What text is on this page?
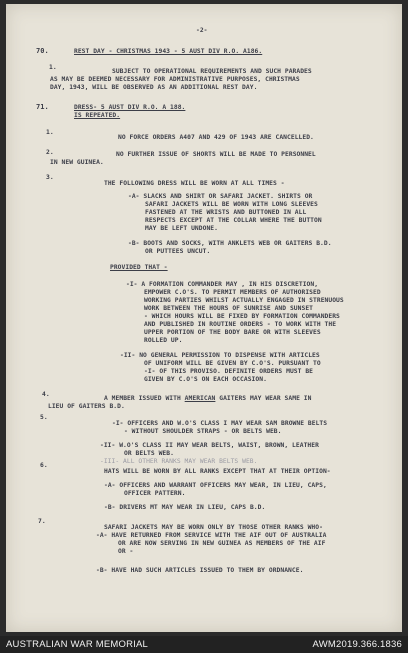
-2-
70.	REST DAY - CHRISTMAS 1943 - 5 AUST DIV R.O. A186.
1.
SUBJECT TO OPERATIONAL REQUIREMENTS AND SUCH PARADES
AS MAY BE DEEMED NECESSARY FOR ADMINISTRATIVE PURPOSES, CHRISTMAS
DAY, 1943, WILL BE OBSERVED AS AN ADDITIONAL REST DAY.
71.	DRESS- 5 AUST DIV R.O. A 188.
IS REPEATED.
1.
NO FORCE ORDERS A407 AND 429 OF 1943 ARE CANCELLED.
2.	NO FURTHER ISSUE OF SHORTS WILL BE MADE TO PERSONNEL
IN NEW GUINEA.
3.
THE FOLLOWING DRESS WILL BE WORN AT ALL TIMES -
-A- SLACKS AND SHIRT OR SAFARI JACKET. SHIRTS OR
SAFARI JACKETS WILL BE WORN WITH LONG SLEEVES
FASTENED AT THE WRISTS AND BUTTONED IN ALL
RESPECTS EXCEPT AT THE COLLAR WHERE THE BUTTON
MAY BE LEFT UNDONE.
-B- BOOTS AND SOCKS, WITH ANKLETS WEB OR GAITERS B.D.
OR PUTTEES UNCUT.
PROVIDED THAT -
-I- A FORMATION COMMANDER MAY , IN HIS DISCRETION,
EMPOWER C.O'S. TO PERMIT MEMBERS OF AUTHORISED
WORKING PARTIES WHILST ACTUALLY ENGAGED IN STRENUOUS
WORK BETWEEN THE HOURS OF SUNRISE AND SUNSET
- WHICH HOURS WILL BE FIXED BY FORMATION COMMANDERS
AND PUBLISHED IN ROUTINE ORDERS - TO WORK WITH THE
UPPER PORTION OF THE BODY BARE OR WITH SLEEVES
ROLLED UP.
-II- NO GENERAL PERMISSION TO DISPENSE WITH ARTICLES
OF UNIFORM WILL BE GIVEN BY C.O'S. PURSUANT TO
-I- OF THIS PROVISO. DEFINITE ORDERS MUST BE
GIVEN BY C.O'S ON EACH OCCASION.
4.
A MEMBER ISSUED WITH AMERICAN GAITERS MAY WEAR SAME IN
LIEU OF GAITERS B.D.
5.
-I- OFFICERS AND W.O'S CLASS I MAY WEAR SAM BROWNE BELTS
- WITHOUT SHOULDER STRAPS - OR BELTS WEB.
-II- W.O'S CLASS II MAY WEAR BELTS, WAIST, BROWN, LEATHER
OR BELTS WEB.
-III- ALL OTHER RANKS MAY WEAR BELTS WEB.
6.
HATS WILL BE WORN BY ALL RANKS EXCEPT THAT AT THEIR OPTION-
-A- OFFICERS AND WARRANT OFFICERS MAY WEAR, IN LIEU, CAPS,
OFFICER PATTERN.
-B- DRIVERS MT MAY WEAR IN LIEU, CAPS B.D.
7.
SAFARI JACKETS MAY BE WORN ONLY BY THOSE OTHER RANKS WHO-
-A- HAVE RETURNED FROM SERVICE WITH THE AIF OUT OF AUSTRALIA
OR ARE NOW SERVING IN NEW GUINEA AS MEMBERS OF THE AIF
OR -
-B- HAVE HAD SUCH ARTICLES ISSUED TO THEM BY ORDNANCE.
AUSTRALIAN WAR MEMORIAL	AWM2019.366.1836
